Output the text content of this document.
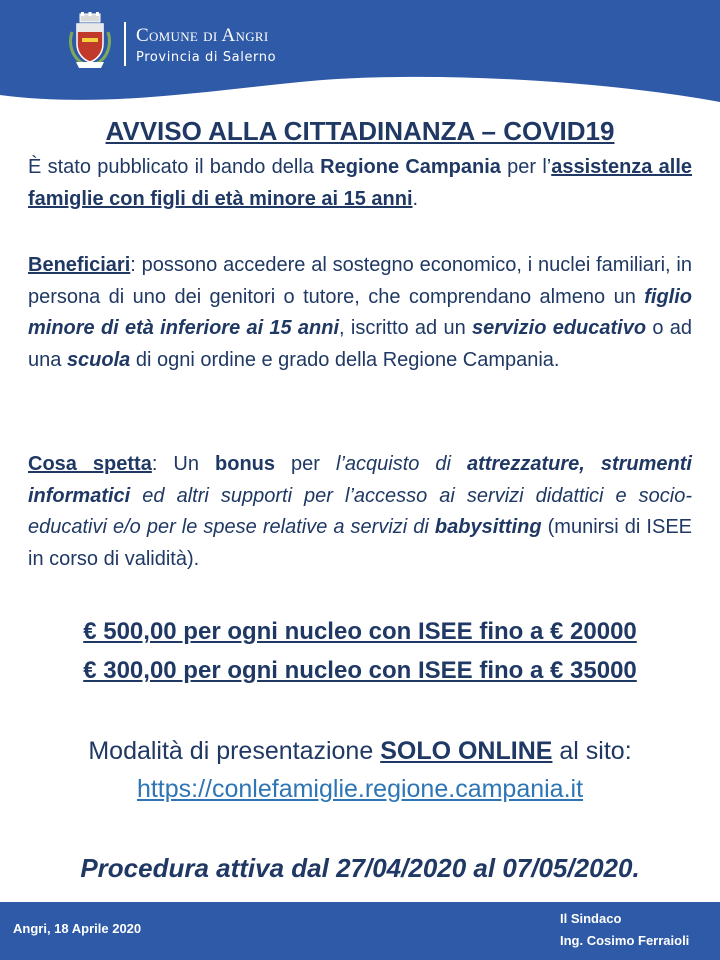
Comune di Angri
Provincia di Salerno
AVVISO ALLA CITTADINANZA – COVID19
È stato pubblicato il bando della Regione Campania per l’assistenza alle famiglie con figli di età minore ai 15 anni.
Beneficiari: possono accedere al sostegno economico, i nuclei familiari, in persona di uno dei genitori o tutore, che comprendano almeno un figlio minore di età inferiore ai 15 anni, iscritto ad un servizio educativo o ad una scuola di ogni ordine e grado della Regione Campania.
Cosa spetta: Un bonus per l’acquisto di attrezzature, strumenti informatici ed altri supporti per l’accesso ai servizi didattici e socio-educativi e/o per le spese relative a servizi di babysitting (munirsi di ISEE in corso di validità).
€ 500,00 per ogni nucleo con ISEE fino a € 20000
€ 300,00 per ogni nucleo con ISEE fino a € 35000
Modalità di presentazione SOLO ONLINE al sito:
https://conlefamiglie.regione.campania.it
Procedura attiva dal 27/04/2020 al 07/05/2020.
Angri, 18 Aprile 2020
Il Sindaco
Ing. Cosimo Ferraioli
